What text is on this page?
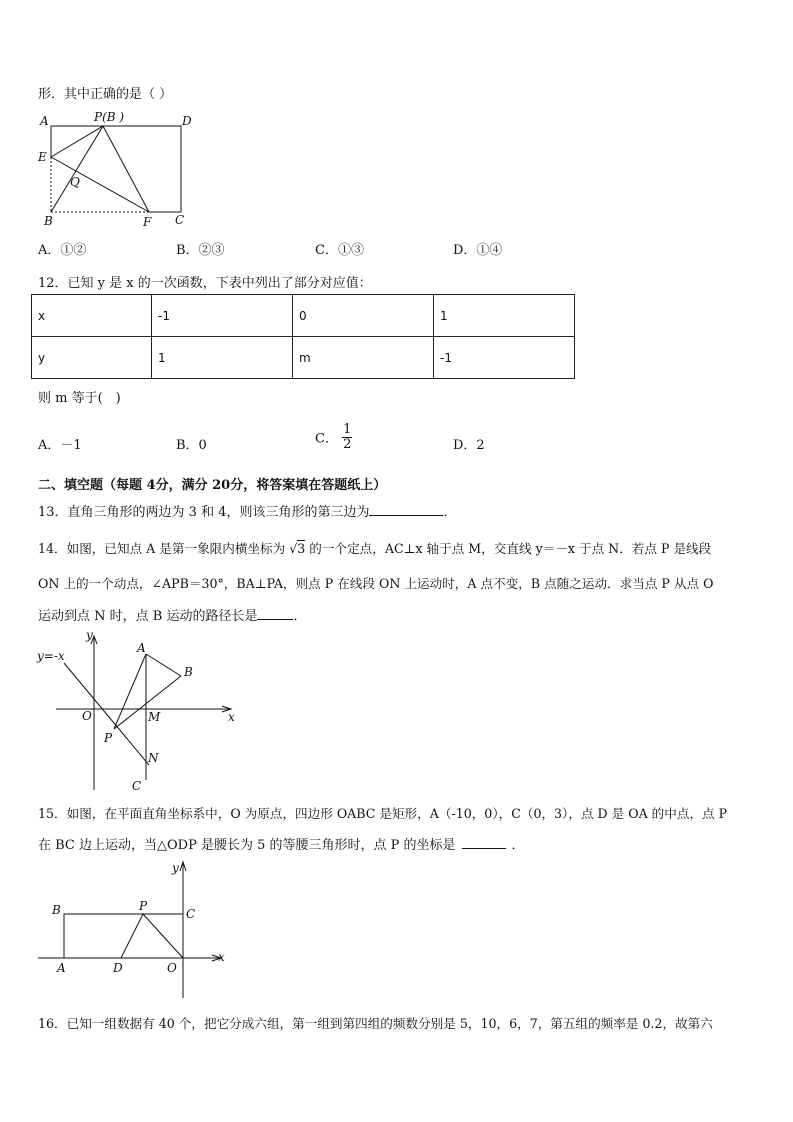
形．其中正确的是（ ）
A	P(B )	D
E
Q
B	F C
A．①②	B．②③	C．①③	D．①④
12．已知 y 是 x 的一次函数，下表中列出了部分对应值：
x	-1	0	1
y	1	m	-1
则 m 等于(　)
A．－1	B．0	C． $\frac{1}{2}$	D．2
二、填空题（每题 4分，满分 20分，将答案填在答题纸上）
13．直角三角形的两边为 3 和 4，则该三角形的第三边为	．
14．如图，已知点 A 是第一象限内横坐标为 √3 的一个定点，AC⊥x 轴于点 M，交直线 y＝－x 于点 N．若点 P 是线段
ON 上的一个动点，∠APB＝30°，BA⊥PA，则点 P 在线段 ON 上运动时，A 点不变，B 点随之运动．求当点 P 从点 O
运动到点 N 时，点 B 运动的路径长是	．
y=-x
y
A
B
O	M	x
P
N
C
15．如图，在平面直角坐标系中，O 为原点，四边形 OABC 是矩形，A（-10，0），C（0，3），点 D 是 OA 的中点，点 P
在 BC 边上运动，当△ODP 是腰长为 5 的等腰三角形时，点 P 的坐标是	．
y
B	P
C
A	D	O
x
16．已知一组数据有 40 个，把它分成六组，第一组到第四组的频数分别是 5，10，6，7，第五组的频率是 0.2，故第六
